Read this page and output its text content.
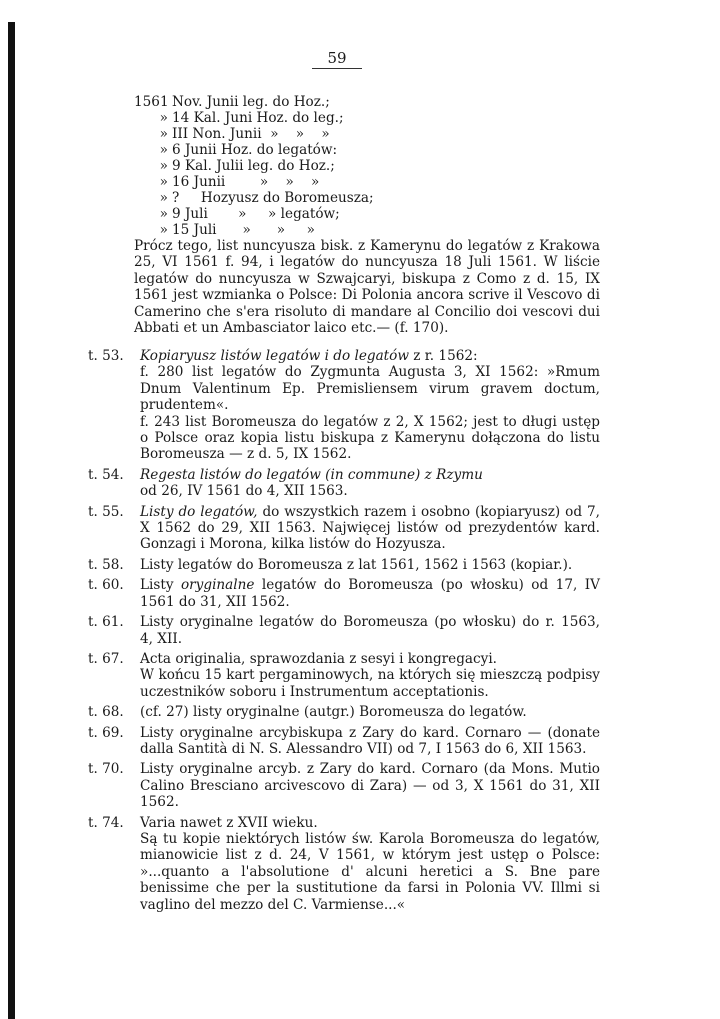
59
1561 Nov. Junii leg. do Hoz.;
» 14 Kal. Juni Hoz. do leg.;
» III Non. Junii  »    »    »
» 6 Junii Hoz. do legatów:
» 9 Kal. Julii leg. do Hoz.;
» 16 Junii        »    »    »
» ?     Hozyusz do Boromeusza;
» 9 Juli       »     » legatów;
» 15 Juli      »      »     »

Prócz tego, list nuncyusza bisk. z Kamerynu do legatów z Krakowa 25, VI 1561 f. 94, i legatów do nuncyusza 18 Juli 1561. W liście legatów do nuncyusza w Szwajcaryi, biskupa z Como z d. 15, IX 1561 jest wzmianka o Polsce: Di Polonia ancora scrive il Vescovo di Camerino che s'era risoluto di mandare al Concilio doi vescovi dui Abbati et un Ambasciator laico etc.— (f. 170).

t. 53.	Kopiaryusz listów legatów i do legatów z r. 1562:

f. 280 list legatów do Zygmunta Augusta 3, XI 1562: »Rmum Dnum Valentinum Ep. Premisliensem virum gravem doctum, prudentem«.

f. 243 list Boromeusza do legatów z 2, X 1562; jest to długi ustęp o Polsce oraz kopia listu biskupa z Kamerynu dołączona do listu Boromeusza — z d. 5, IX 1562.

t. 54.	Regesta listów do legatów (in commune) z Rzymu

od 26, IV 1561 do 4, XII 1563.

t. 55.	Listy do legatów, do wszystkich razem i osobno (kopiaryusz) od 7, X 1562 do 29, XII 1563. Najwięcej listów od prezydentów kard. Gonzagi i Morona, kilka listów do Hozyusza.

t. 58.	Listy legatów do Boromeusza z lat 1561, 1562 i 1563 (kopiar.).

t. 60.	Listy oryginalne legatów do Boromeusza (po włosku) od 17, IV 1561 do 31, XII 1562.

t. 61.	Listy oryginalne legatów do Boromeusza (po włosku) do r. 1563, 4, XII.

t. 67.	Acta originalia, sprawozdania z sesyi i kongregacyi.

W końcu 15 kart pergaminowych, na których się mieszczą podpisy uczestników soboru i Instrumentum acceptationis.

t. 68.	(cf. 27) listy oryginalne (autgr.) Boromeusza do legatów.

t. 69.	Listy oryginalne arcybiskupa z Zary do kard. Cornaro — (donate dalla Santità di N. S. Alessandro VII) od 7, I 1563 do 6, XII 1563.

t. 70.	Listy oryginalne arcyb. z Zary do kard. Cornaro (da Mons. Mutio Calino Bresciano arcivescovo di Zara) — od 3, X 1561 do 31, XII 1562.

t. 74.	Varia nawet z XVII wieku.

Są tu kopie niektórych listów św. Karola Boromeusza do legatów, mianowicie list z d. 24, V 1561, w którym jest ustęp o Polsce: »...quanto a l'absolutione d' alcuni heretici a S. Bne pare benissime che per la sustitutione da farsi in Polonia VV. Illmi si vaglino del mezzo del C. Varmiense...«
